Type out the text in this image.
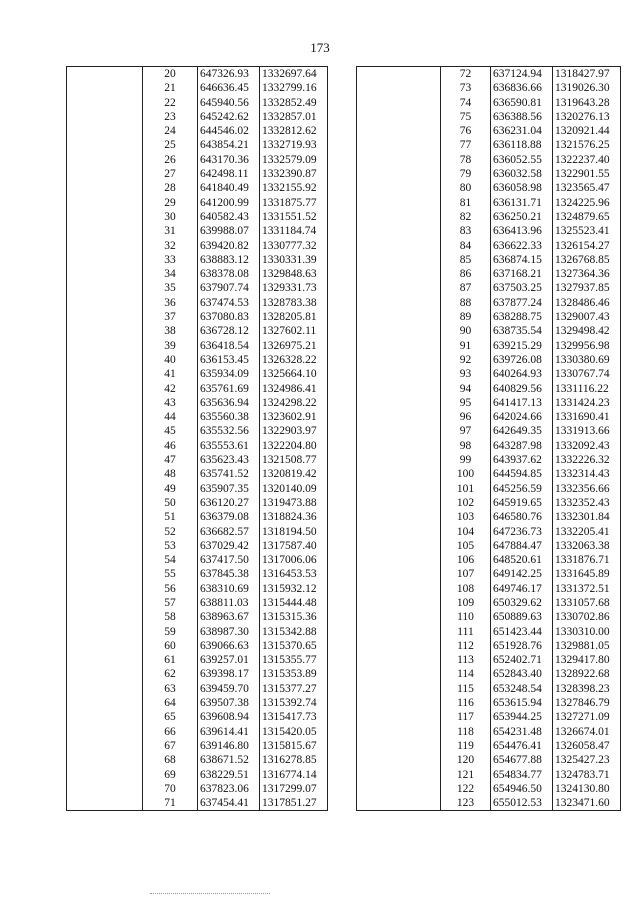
173
	20	647326.93	1332697.64
	21	646636.45	1332799.16
	22	645940.56	1332852.49
	23	645242.62	1332857.01
	24	644546.02	1332812.62
	25	643854.21	1332719.93
	26	643170.36	1332579.09
	27	642498.11	1332390.87
	28	641840.49	1332155.92
	29	641200.99	1331875.77
	30	640582.43	1331551.52
	31	639988.07	1331184.74
	32	639420.82	1330777.32
	33	638883.12	1330331.39
	34	638378.08	1329848.63
	35	637907.74	1329331.73
	36	637474.53	1328783.38
	37	637080.83	1328205.81
	38	636728.12	1327602.11
	39	636418.54	1326975.21
	40	636153.45	1326328.22
	41	635934.09	1325664.10
	42	635761.69	1324986.41
	43	635636.94	1324298.22
	44	635560.38	1323602.91
	45	635532.56	1322903.97
	46	635553.61	1322204.80
	47	635623.43	1321508.77
	48	635741.52	1320819.42
	49	635907.35	1320140.09
	50	636120.27	1319473.88
	51	636379.08	1318824.36
	52	636682.57	1318194.50
	53	637029.42	1317587.40
	54	637417.50	1317006.06
	55	637845.38	1316453.53
	56	638310.69	1315932.12
	57	638811.03	1315444.48
	58	638963.67	1315315.36
	59	638987.30	1315342.88
	60	639066.63	1315370.65
	61	639257.01	1315355.77
	62	639398.17	1315353.89
	63	639459.70	1315377.27
	64	639507.38	1315392.74
	65	639608.94	1315417.73
	66	639614.41	1315420.05
	67	639146.80	1315815.67
	68	638671.52	1316278.85
	69	638229.51	1316774.14
	70	637823.06	1317299.07
	71	637454.41	1317851.27
	72	637124.94	1318427.97
	73	636836.66	1319026.30
	74	636590.81	1319643.28
	75	636388.56	1320276.13
	76	636231.04	1320921.44
	77	636118.88	1321576.25
	78	636052.55	1322237.40
	79	636032.58	1322901.55
	80	636058.98	1323565.47
	81	636131.71	1324225.96
	82	636250.21	1324879.65
	83	636413.96	1325523.41
	84	636622.33	1326154.27
	85	636874.15	1326768.85
	86	637168.21	1327364.36
	87	637503.25	1327937.85
	88	637877.24	1328486.46
	89	638288.75	1329007.43
	90	638735.54	1329498.42
	91	639215.29	1329956.98
	92	639726.08	1330380.69
	93	640264.93	1330767.74
	94	640829.56	1331116.22
	95	641417.13	1331424.23
	96	642024.66	1331690.41
	97	642649.35	1331913.66
	98	643287.98	1332092.43
	99	643937.62	1332226.32
	100	644594.85	1332314.43
	101	645256.59	1332356.66
	102	645919.65	1332352.43
	103	646580.76	1332301.84
	104	647236.73	1332205.41
	105	647884.47	1332063.38
	106	648520.61	1331876.71
	107	649142.25	1331645.89
	108	649746.17	1331372.51
	109	650329.62	1331057.68
	110	650889.63	1330702.86
	111	651423.44	1330310.00
	112	651928.76	1329881.05
	113	652402.71	1329417.80
	114	652843.40	1328922.68
	115	653248.54	1328398.23
	116	653615.94	1327846.79
	117	653944.25	1327271.09
	118	654231.48	1326674.01
	119	654476.41	1326058.47
	120	654677.88	1325427.23
	121	654834.77	1324783.71
	122	654946.50	1324130.80
	123	655012.53	1323471.60
